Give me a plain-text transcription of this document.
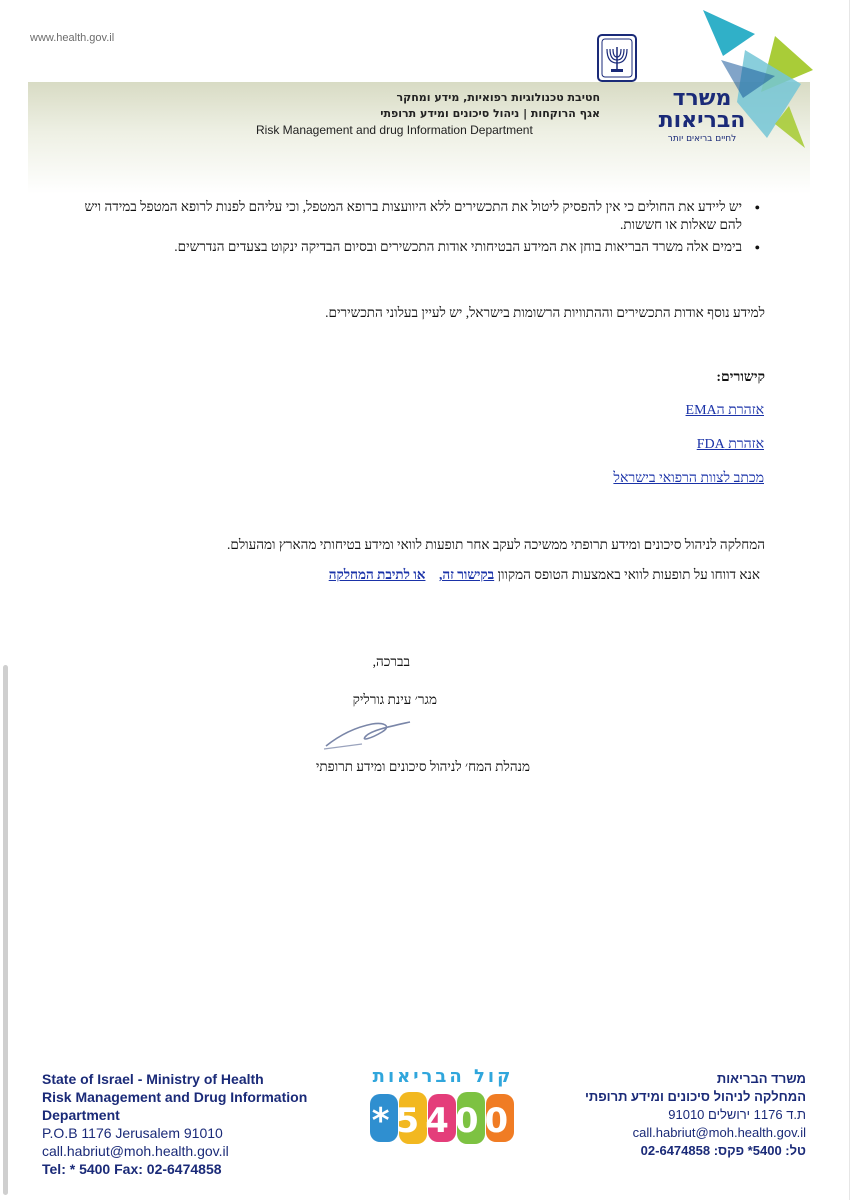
www.health.gov.il
משרד
הבריאות
לחיים בריאים יותר
חטיבת טכנולוגיות רפואיות, מידע ומחקר
אגף הרוקחות | ניהול סיכונים ומידע תרופתי
Risk Management and drug Information Department
● יש ליידע את החולים כי אין להפסיק ליטול את התכשירים ללא היוועצות ברופא המטפל, וכי עליהם לפנות לרופא המטפל במידה ויש להם שאלות או חששות.
● בימים אלה משרד הבריאות בוחן את המידע הבטיחותי אודות התכשירים ובסיום הבדיקה ינקוט בצעדים הנדרשים.
למידע נוסף אודות התכשירים וההתוויות הרשומות בישראל, יש לעיין בעלוני התכשירים.
קישורים:
אזהרת הEMA
אזהרת FDA
מכתב לצוות הרפואי בישראל
המחלקה לניהול סיכונים ומידע תרופתי ממשיכה לעקב אחר תופעות לוואי ומידע בטיחותי מהארץ ומהעולם.
אנא דווחו על תופעות לוואי באמצעות הטופס המקוון בקישור זה,    או לתיבת המחלקה
בברכה,
מגר׳ עינת גורליק
מנהלת המח׳ לניהול סיכונים ומידע תרופתי
State of Israel - Ministry of Health
Risk Management and Drug Information
Department
P.O.B 1176 Jerusalem 91010
call.habriut@moh.health.gov.il
Tel: * 5400 Fax: 02-6474858
קול הבריאות
*5400
משרד הבריאות
המחלקה לניהול סיכונים ומידע תרופתי
ת.ד 1176 ירושלים 91010
call.habriut@moh.health.gov.il
טל: 5400* פקס: 02-6474858
